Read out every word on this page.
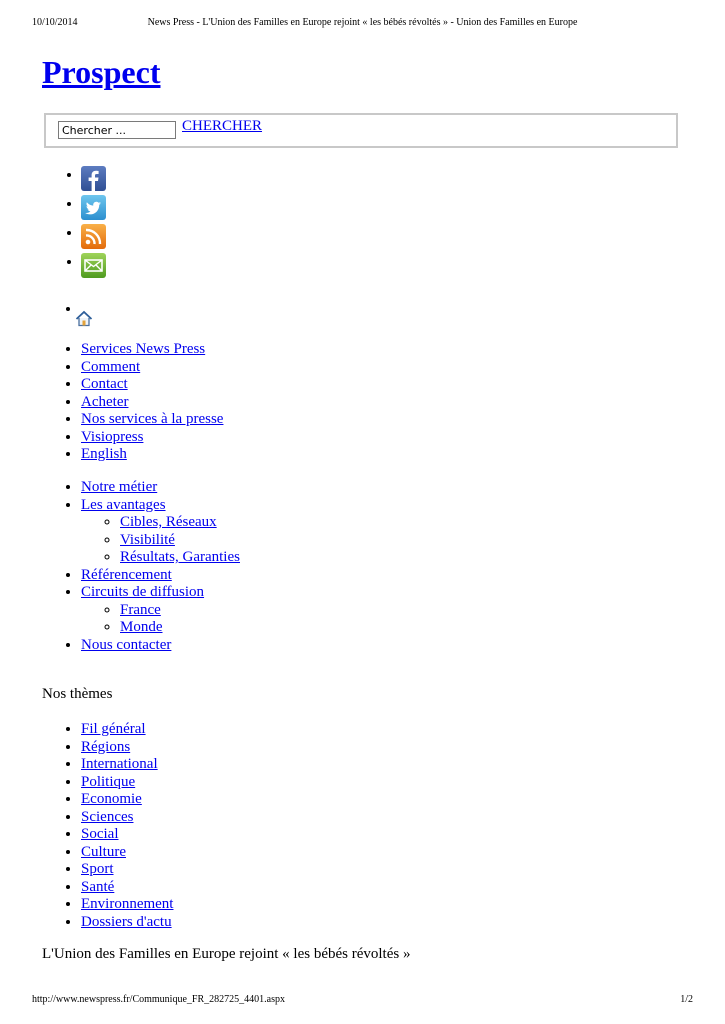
News Press - L'Union des Familles en Europe rejoint « les bébés révoltés » - Union des Familles en Europe
10/10/2014
Prospect
Chercher ...
CHERCHER
•
•
•
•
• Services News Press
• Comment
• Contact
• Acheter
• Nos services à la presse
• Visiopress
• English
• Notre métier
• Les avantages
◦ Cibles, Réseaux
◦ Visibilité
◦ Résultats, Garanties
• Référencement
• Circuits de diffusion
◦ France
◦ Monde
• Nous contacter
Nos thèmes
• Fil général
• Régions
• International
• Politique
• Economie
• Sciences
• Social
• Culture
• Sport
• Santé
• Environnement
• Dossiers d'actu
L'Union des Familles en Europe rejoint « les bébés révoltés »
http://www.newspress.fr/Communique_FR_282725_4401.aspx	1/2
